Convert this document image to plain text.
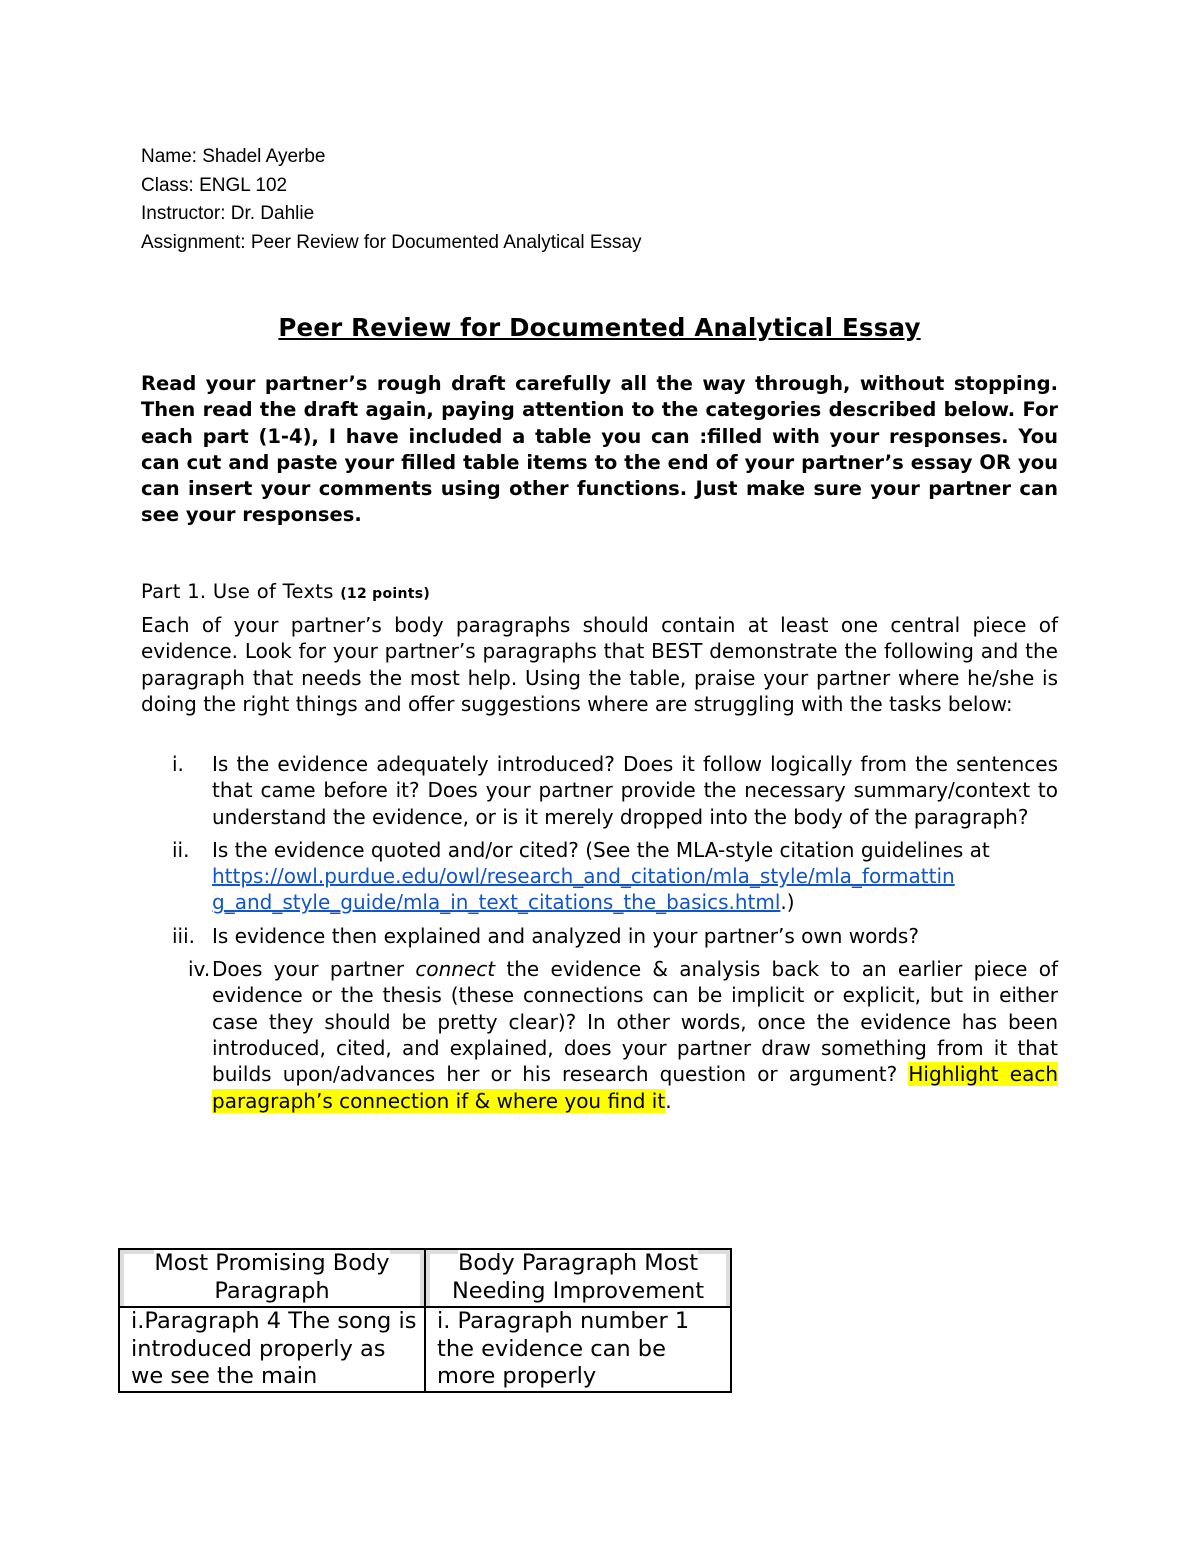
Name: Shadel Ayerbe
Class: ENGL 102
Instructor: Dr. Dahlie
Assignment: Peer Review for Documented Analytical Essay
Peer Review for Documented Analytical Essay

Read your partner’s rough draft carefully all the way through, without stopping. Then read the draft again, paying attention to the categories described below. For each part (1-4), I have included a table you can :filled with your responses. You can cut and paste your filled table items to the end of your partner’s essay OR you can insert your comments using other functions. Just make sure your partner can see your responses.

Part 1. Use of Texts (12 points)

Each of your partner’s body paragraphs should contain at least one central piece of evidence. Look for your partner’s paragraphs that BEST demonstrate the following and the paragraph that needs the most help. Using the table, praise your partner where he/she is doing the right things and offer suggestions where are struggling with the tasks below:

i. Is the evidence adequately introduced? Does it follow logically from the sentences that came before it? Does your partner provide the necessary summary/context to understand the evidence, or is it merely dropped into the body of the paragraph?
ii. Is the evidence quoted and/or cited? (See the MLA-style citation guidelines at
https://owl.purdue.edu/owl/research_and_citation/mla_style/mla_formattin
g_and_style_guide/mla_in_text_citations_the_basics.html.)
iii. Is evidence then explained and analyzed in your partner’s own words?
iv. Does your partner connect the evidence & analysis back to an earlier piece of evidence or the thesis (these connections can be implicit or explicit, but in either case they should be pretty clear)? In other words, once the evidence has been introduced, cited, and explained, does your partner draw something from it that builds upon/advances her or his research question or argument? Highlight each paragraph’s connection if & where you find it.
Most Promising Body Paragraph	Body Paragraph Most Needing Improvement
i.Paragraph 4 The song is introduced properly as we see the main	i. Paragraph number 1 the evidence can be more properly
